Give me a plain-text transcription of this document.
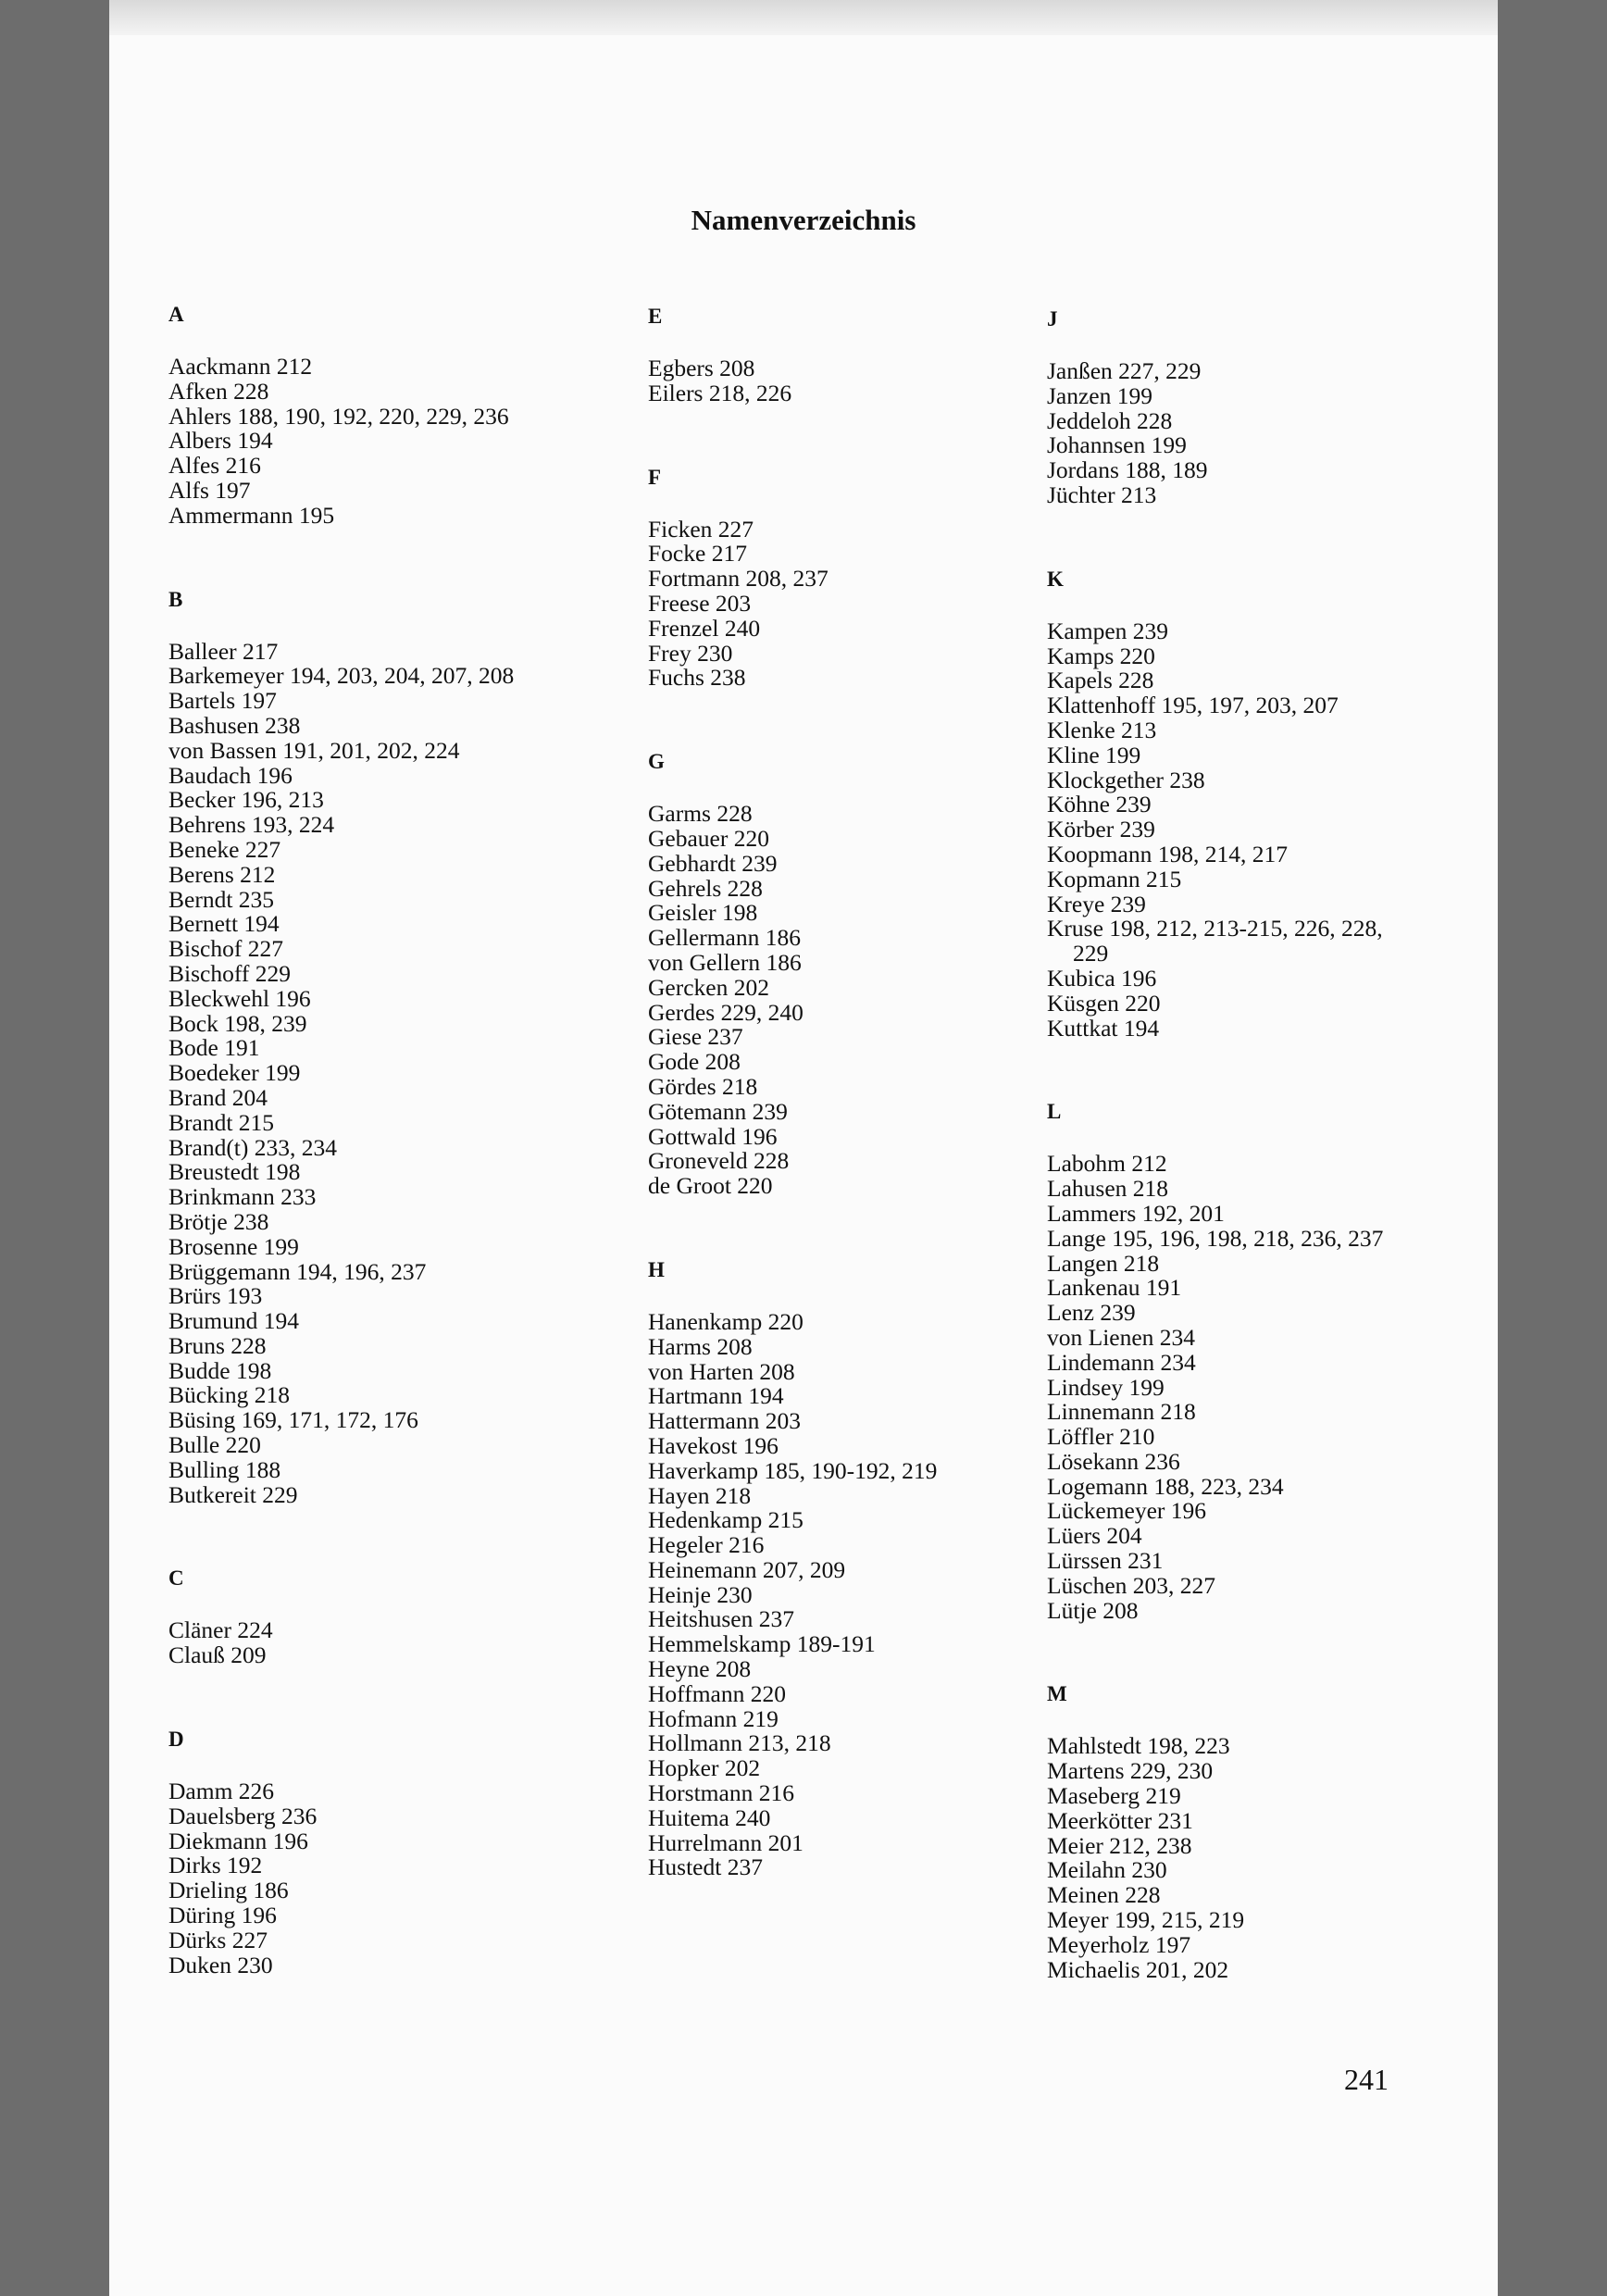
Namenverzeichnis
A
Aackmann 212
Afken 228
Ahlers 188, 190, 192, 220, 229, 236
Albers 194
Alfes 216
Alfs 197
Ammermann 195
B
Balleer 217
Barkemeyer 194, 203, 204, 207, 208
Bartels 197
Bashusen 238
von Bassen 191, 201, 202, 224
Baudach 196
Becker 196, 213
Behrens 193, 224
Beneke 227
Berens 212
Berndt 235
Bernett 194
Bischof 227
Bischoff 229
Bleckwehl 196
Bock 198, 239
Bode 191
Boedeker 199
Brand 204
Brandt 215
Brand(t) 233, 234
Breustedt 198
Brinkmann 233
Brötje 238
Brosenne 199
Brüggemann 194, 196, 237
Brürs 193
Brumund 194
Bruns 228
Budde 198
Bücking 218
Büsing 169, 171, 172, 176
Bulle 220
Bulling 188
Butkereit 229
C
Cläner 224
Clauß 209
D
Damm 226
Dauelsberg 236
Diekmann 196
Dirks 192
Drieling 186
Düring 196
Dürks 227
Duken 230
E
Egbers 208
Eilers 218, 226
F
Ficken 227
Focke 217
Fortmann 208, 237
Freese 203
Frenzel 240
Frey 230
Fuchs 238
G
Garms 228
Gebauer 220
Gebhardt 239
Gehrels 228
Geisler 198
Gellermann 186
von Gellern 186
Gercken 202
Gerdes 229, 240
Giese 237
Gode 208
Gördes 218
Götemann 239
Gottwald 196
Groneveld 228
de Groot 220
H
Hanenkamp 220
Harms 208
von Harten 208
Hartmann 194
Hattermann 203
Havekost 196
Haverkamp 185, 190-192, 219
Hayen 218
Hedenkamp 215
Hegeler 216
Heinemann 207, 209
Heinje 230
Heitshusen 237
Hemmelskamp 189-191
Heyne 208
Hoffmann 220
Hofmann 219
Hollmann 213, 218
Hopker 202
Horstmann 216
Huitema 240
Hurrelmann 201
Hustedt 237
J
Janßen 227, 229
Janzen 199
Jeddeloh 228
Johannsen 199
Jordans 188, 189
Jüchter 213
K
Kampen 239
Kamps 220
Kapels 228
Klattenhoff 195, 197, 203, 207
Klenke 213
Kline 199
Klockgether 238
Köhne 239
Körber 239
Koopmann 198, 214, 217
Kopmann 215
Kreye 239
Kruse 198, 212, 213-215, 226, 228,
229
Kubica 196
Küsgen 220
Kuttkat 194
L
Labohm 212
Lahusen 218
Lammers 192, 201
Lange 195, 196, 198, 218, 236, 237
Langen 218
Lankenau 191
Lenz 239
von Lienen 234
Lindemann 234
Lindsey 199
Linnemann 218
Löffler 210
Lösekann 236
Logemann 188, 223, 234
Lückemeyer 196
Lüers 204
Lürssen 231
Lüschen 203, 227
Lütje 208
M
Mahlstedt 198, 223
Martens 229, 230
Maseberg 219
Meerkötter 231
Meier 212, 238
Meilahn 230
Meinen 228
Meyer 199, 215, 219
Meyerholz 197
Michaelis 201, 202
241
